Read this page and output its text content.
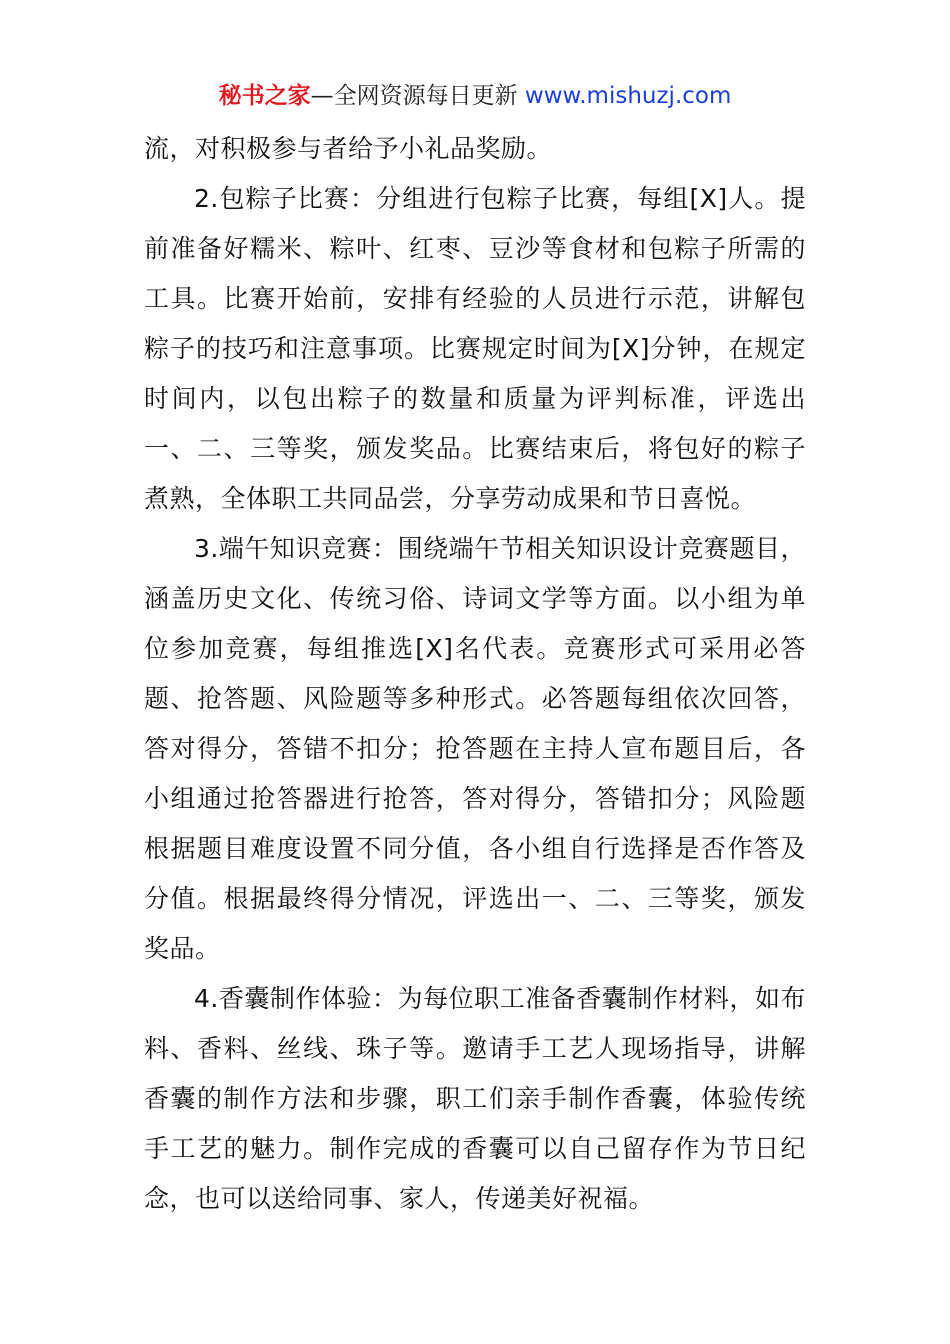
秘书之家—全网资源每日更新 www.mishuzj.com

流，对积极参与者给予小礼品奖励。

2.包粽子比赛：分组进行包粽子比赛，每组[X]人。提前准备好糯米、粽叶、红枣、豆沙等食材和包粽子所需的工具。比赛开始前，安排有经验的人员进行示范，讲解包粽子的技巧和注意事项。比赛规定时间为[X]分钟，在规定时间内，以包出粽子的数量和质量为评判标准，评选出一、二、三等奖，颁发奖品。比赛结束后，将包好的粽子煮熟，全体职工共同品尝，分享劳动成果和节日喜悦。

3.端午知识竞赛：围绕端午节相关知识设计竞赛题目，涵盖历史文化、传统习俗、诗词文学等方面。以小组为单位参加竞赛，每组推选[X]名代表。竞赛形式可采用必答题、抢答题、风险题等多种形式。必答题每组依次回答，答对得分，答错不扣分；抢答题在主持人宣布题目后，各小组通过抢答器进行抢答，答对得分，答错扣分；风险题根据题目难度设置不同分值，各小组自行选择是否作答及分值。根据最终得分情况，评选出一、二、三等奖，颁发奖品。

4.香囊制作体验：为每位职工准备香囊制作材料，如布料、香料、丝线、珠子等。邀请手工艺人现场指导，讲解香囊的制作方法和步骤，职工们亲手制作香囊，体验传统手工艺的魅力。制作完成的香囊可以自己留存作为节日纪念，也可以送给同事、家人，传递美好祝福。
